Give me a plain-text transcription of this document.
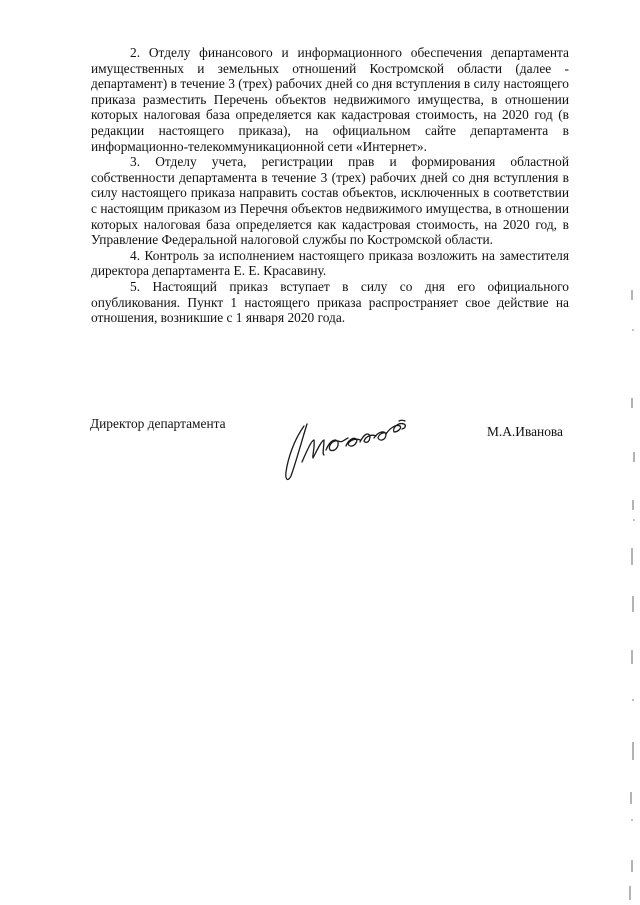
2. Отделу финансового и информационного обеспечения департамента имущественных и земельных отношений Костромской области (далее - департамент) в течение 3 (трех) рабочих дней со дня вступления в силу настоящего приказа разместить Перечень объектов недвижимого имущества, в отношении которых налоговая база определяется как кадастровая стоимость, на 2020 год (в редакции настоящего приказа), на официальном сайте департамента в информационно-телекоммуникационной сети «Интернет».

3. Отделу учета, регистрации прав и формирования областной собственности департамента в течение 3 (трех) рабочих дней со дня вступления в силу настоящего приказа направить состав объектов, исключенных в соответствии с настоящим приказом из Перечня объектов недвижимого имущества, в отношении которых налоговая база определяется как кадастровая стоимость, на 2020 год, в Управление Федеральной налоговой службы по Костромской области.

4. Контроль за исполнением настоящего приказа возложить на заместителя директора департамента Е. Е. Красавину.

5. Настоящий приказ вступает в силу со дня его официального опубликования. Пункт 1 настоящего приказа распространяет свое действие на отношения, возникшие с 1 января 2020 года.

Директор департамента
М.А.Иванова
